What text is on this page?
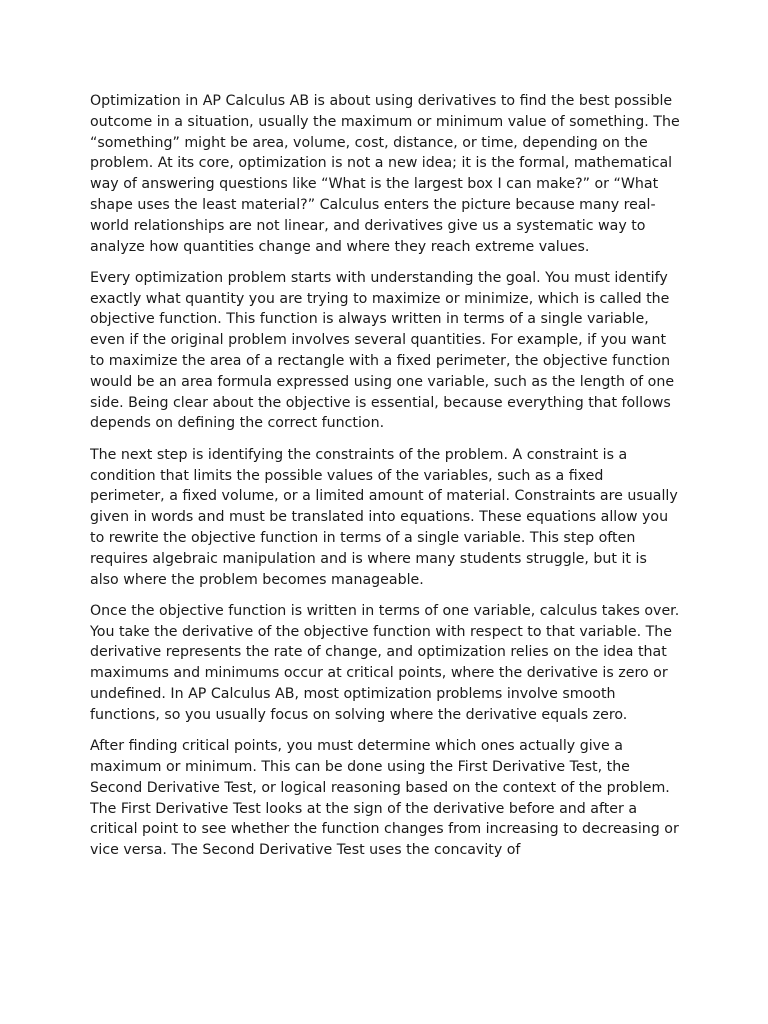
Optimization in AP Calculus AB is about using derivatives to find the best possible outcome in a situation, usually the maximum or minimum value of something. The “something” might be area, volume, cost, distance, or time, depending on the problem. At its core, optimization is not a new idea; it is the formal, mathematical way of answering questions like “What is the largest box I can make?” or “What shape uses the least material?” Calculus enters the picture because many real-world relationships are not linear, and derivatives give us a systematic way to analyze how quantities change and where they reach extreme values.

Every optimization problem starts with understanding the goal. You must identify exactly what quantity you are trying to maximize or minimize, which is called the objective function. This function is always written in terms of a single variable, even if the original problem involves several quantities. For example, if you want to maximize the area of a rectangle with a fixed perimeter, the objective function would be an area formula expressed using one variable, such as the length of one side. Being clear about the objective is essential, because everything that follows depends on defining the correct function.

The next step is identifying the constraints of the problem. A constraint is a condition that limits the possible values of the variables, such as a fixed perimeter, a fixed volume, or a limited amount of material. Constraints are usually given in words and must be translated into equations. These equations allow you to rewrite the objective function in terms of a single variable. This step often requires algebraic manipulation and is where many students struggle, but it is also where the problem becomes manageable.

Once the objective function is written in terms of one variable, calculus takes over. You take the derivative of the objective function with respect to that variable. The derivative represents the rate of change, and optimization relies on the idea that maximums and minimums occur at critical points, where the derivative is zero or undefined. In AP Calculus AB, most optimization problems involve smooth functions, so you usually focus on solving where the derivative equals zero.

After finding critical points, you must determine which ones actually give a maximum or minimum. This can be done using the First Derivative Test, the Second Derivative Test, or logical reasoning based on the context of the problem. The First Derivative Test looks at the sign of the derivative before and after a critical point to see whether the function changes from increasing to decreasing or vice versa. The Second Derivative Test uses the concavity of
